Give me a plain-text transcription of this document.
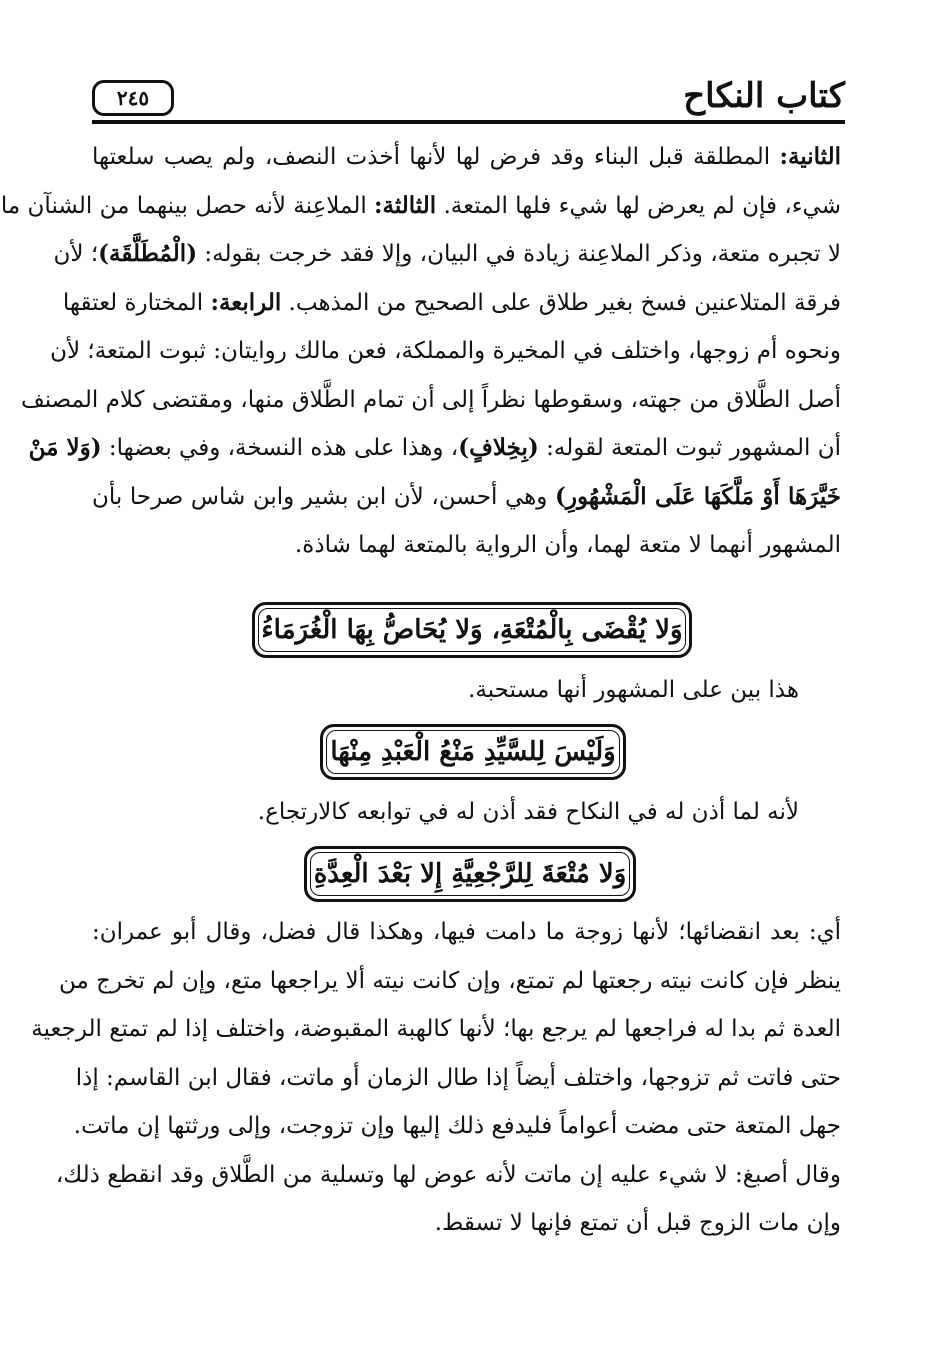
كتاب النكاح
٢٤٥
الثانية: المطلقة قبل البناء وقد فرض لها لأنها أخذت النصف، ولم يصب سلعتها
شيء، فإن لم يعرض لها شيء فلها المتعة. الثالثة: الملاعِنة لأنه حصل بينهما من الشنآن ما
لا تجبره متعة، وذكر الملاعِنة زيادة في البيان، وإلا فقد خرجت بقوله: (الْمُطَلَّقَة)؛ لأن
فرقة المتلاعنين فسخ بغير طلاق على الصحيح من المذهب. الرابعة: المختارة لعتقها
ونحوه أم زوجها، واختلف في المخيرة والمملكة، فعن مالك روايتان: ثبوت المتعة؛ لأن
أصل الطَّلاق من جهته، وسقوطها نظراً إلى أن تمام الطَّلاق منها، ومقتضى كلام المصنف
أن المشهور ثبوت المتعة لقوله: (بِخِلافٍ)، وهذا على هذه النسخة، وفي بعضها: (وَلا مَنْ
خَيَّرَهَا أَوْ مَلَّكَهَا عَلَى الْمَشْهُورِ) وهي أحسن، لأن ابن بشير وابن شاس صرحا بأن
المشهور أنهما لا متعة لهما، وأن الرواية بالمتعة لهما شاذة.
وَلا يُقْضَى بِالْمُتْعَةِ، وَلا يُحَاصُّ بِهَا الْغُرَمَاءُ
هذا بين على المشهور أنها مستحبة.
وَلَيْسَ لِلسَّيِّدِ مَنْعُ الْعَبْدِ مِنْهَا
لأنه لما أذن له في النكاح فقد أذن له في توابعه كالارتجاع.
وَلا مُتْعَةَ لِلرَّجْعِيَّةِ إِلا بَعْدَ الْعِدَّةِ
أي: بعد انقضائها؛ لأنها زوجة ما دامت فيها، وهكذا قال فضل، وقال أبو عمران:
ينظر فإن كانت نيته رجعتها لم تمتع، وإن كانت نيته ألا يراجعها متع، وإن لم تخرج من
العدة ثم بدا له فراجعها لم يرجع بها؛ لأنها كالهبة المقبوضة، واختلف إذا لم تمتع الرجعية
حتى فاتت ثم تزوجها، واختلف أيضاً إذا طال الزمان أو ماتت، فقال ابن القاسم: إذا
جهل المتعة حتى مضت أعواماً فليدفع ذلك إليها وإن تزوجت، وإلى ورثتها إن ماتت.
وقال أصبغ: لا شيء عليه إن ماتت لأنه عوض لها وتسلية من الطَّلاق وقد انقطع ذلك،
وإن مات الزوج قبل أن تمتع فإنها لا تسقط.
